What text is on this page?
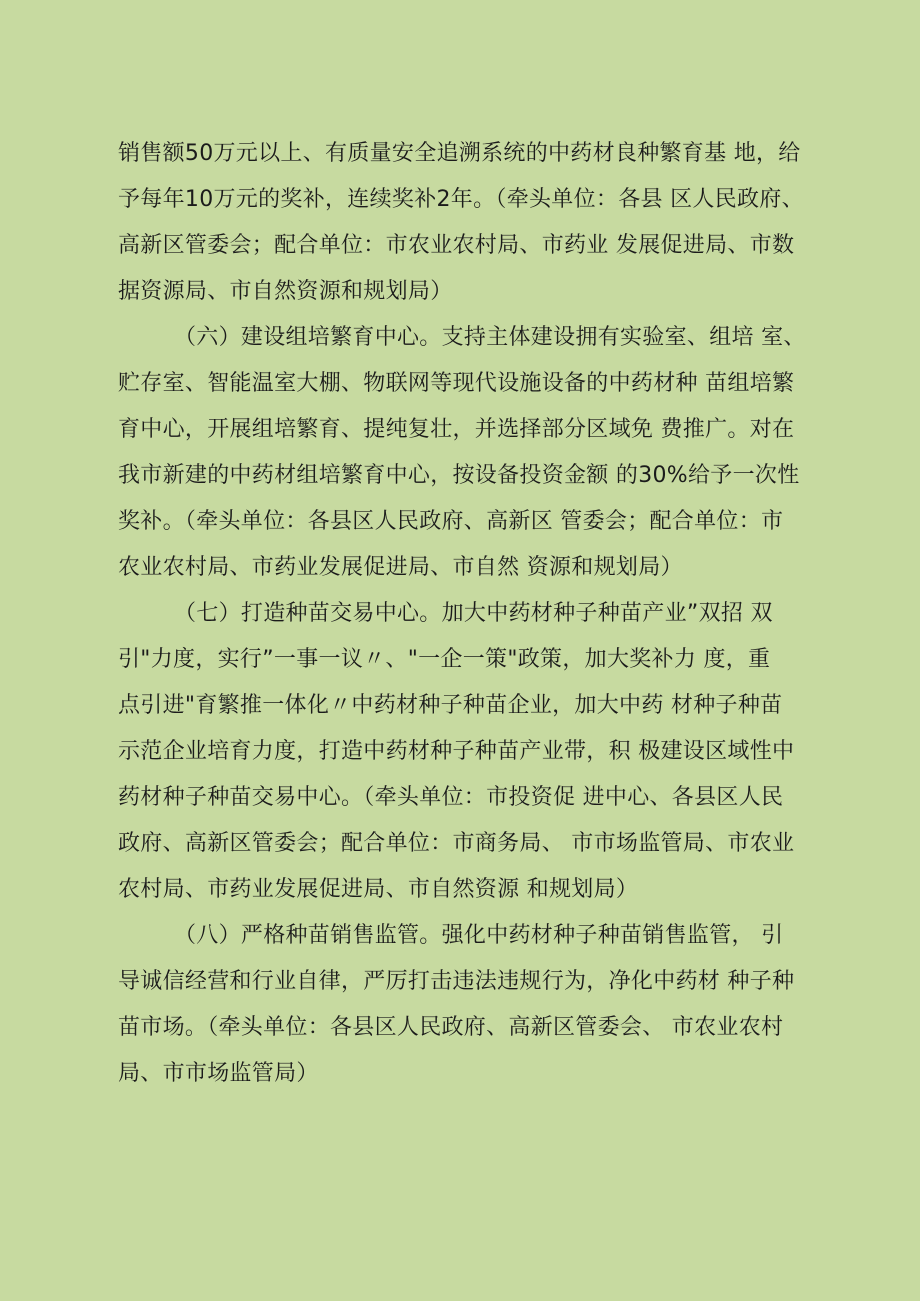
销售额50万元以上、有质量安全追溯系统的中药材良种繁育基 地，给
予每年10万元的奖补，连续奖补2年。（牵头单位：各县 区人民政府、
高新区管委会；配合单位：市农业农村局、市药业 发展促进局、市数
据资源局、市自然资源和规划局）
（六）建设组培繁育中心。支持主体建设拥有实验室、组培 室、
贮存室、智能温室大棚、物联网等现代设施设备的中药材种 苗组培繁
育中心，开展组培繁育、提纯复壮，并选择部分区域免 费推广。对在
我市新建的中药材组培繁育中心，按设备投资金额 的30%给予一次性
奖补。（牵头单位：各县区人民政府、高新区 管委会；配合单位：市
农业农村局、市药业发展促进局、市自然 资源和规划局）
（七）打造种苗交易中心。加大中药材种子种苗产业”双招 双
引"力度，实行”一事一议〃、"一企一策"政策，加大奖补力 度，重
点引进"育繁推一体化〃中药材种子种苗企业，加大中药 材种子种苗
示范企业培育力度，打造中药材种子种苗产业带，积 极建设区域性中
药材种子种苗交易中心。（牵头单位：市投资促 进中心、各县区人民
政府、高新区管委会；配合单位：市商务局、 市市场监管局、市农业
农村局、市药业发展促进局、市自然资源 和规划局）
（八）严格种苗销售监管。强化中药材种子种苗销售监管， 引
导诚信经营和行业自律，严厉打击违法违规行为，净化中药材 种子种
苗市场。（牵头单位：各县区人民政府、高新区管委会、 市农业农村
局、市市场监管局）
